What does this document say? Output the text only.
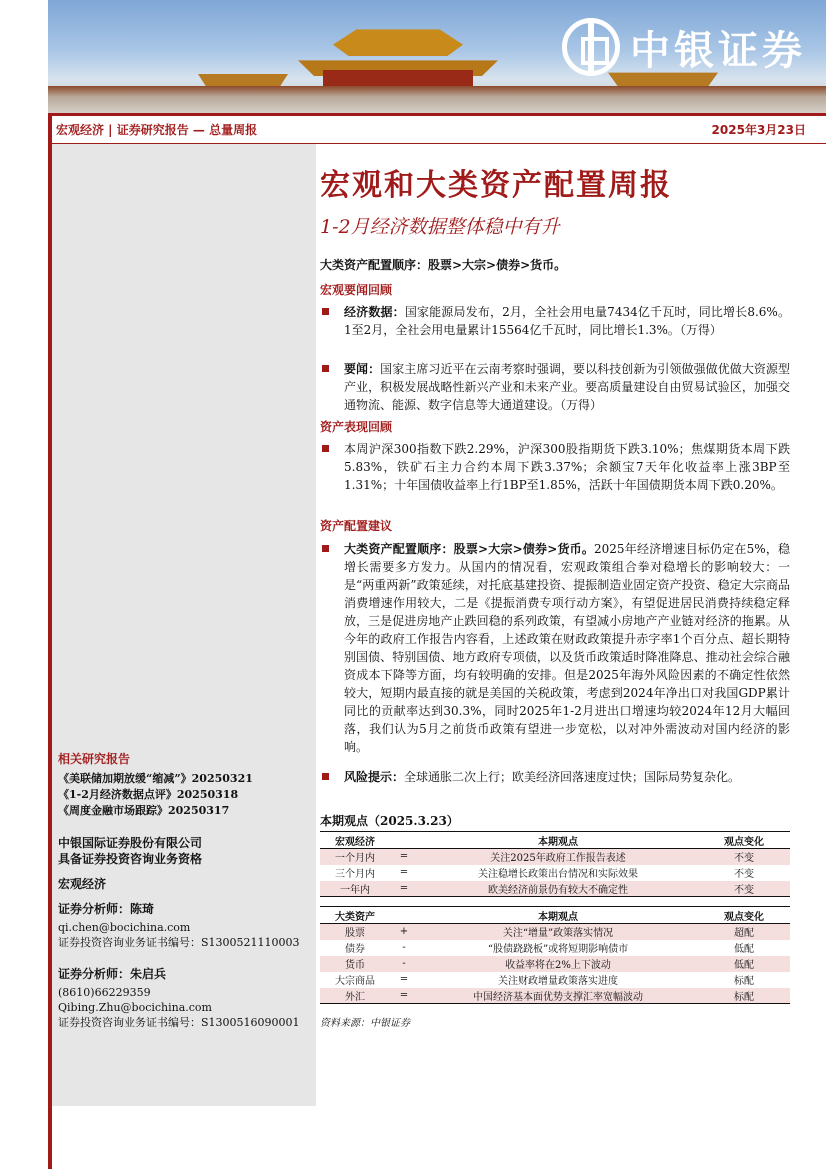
中银证券
宏观经济 | 证券研究报告 — 总量周报	2025年3月23日
相关研究报告
《美联储加期放缓“缩减”》20250321
《1-2月经济数据点评》20250318
《周度金融市场跟踪》20250317
中银国际证券股份有限公司
具备证券投资咨询业务资格
宏观经济
证券分析师：陈琦
qi.chen@bocichina.com
证券投资咨询业务证书编号：S1300521110003
证券分析师：朱启兵
(8610)66229359
Qibing.Zhu@bocichina.com
证券投资咨询业务证书编号：S1300516090001
宏观和大类资产配置周报
1-2月经济数据整体稳中有升
大类资产配置顺序：股票>大宗>债券>货币。
宏观要闻回顾
经济数据：国家能源局发布，2月，全社会用电量7434亿千瓦时，同比增长8.6%。1至2月，全社会用电量累计15564亿千瓦时，同比增长1.3%。（万得）
要闻：国家主席习近平在云南考察时强调，要以科技创新为引领做强做优做大资源型产业，积极发展战略性新兴产业和未来产业。要高质量建设自由贸易试验区，加强交通物流、能源、数字信息等大通道建设。（万得）
资产表现回顾
本周沪深300指数下跌2.29%，沪深300股指期货下跌3.10%；焦煤期货本周下跌5.83%，铁矿石主力合约本周下跌3.37%；余额宝7天年化收益率上涨3BP至1.31%；十年国债收益率上行1BP至1.85%，活跃十年国债期货本周下跌0.20%。
资产配置建议
大类资产配置顺序：股票>大宗>债券>货币。2025年经济增速目标仍定在5%，稳增长需要多方发力。从国内的情况看，宏观政策组合拳对稳增长的影响较大：一是“两重两新”政策延续，对托底基建投资、提振制造业固定资产投资、稳定大宗商品消费增速作用较大，二是《提振消费专项行动方案》，有望促进居民消费持续稳定释放，三是促进房地产止跌回稳的系列政策，有望减小房地产产业链对经济的拖累。从今年的政府工作报告内容看，上述政策在财政政策提升赤字率1个百分点、超长期特别国债、特别国债、地方政府专项债，以及货币政策适时降准降息、推动社会综合融资成本下降等方面，均有较明确的安排。但是2025年海外风险因素的不确定性依然较大，短期内最直接的就是美国的关税政策，考虑到2024年净出口对我国GDP累计同比的贡献率达到30.3%，同时2025年1-2月进出口增速均较2024年12月大幅回落，我们认为5月之前货币政策有望进一步宽松，以对冲外需波动对国内经济的影响。
风险提示：全球通胀二次上行；欧美经济回落速度过快；国际局势复杂化。
本期观点（2025.3.23）
宏观经济		本期观点	观点变化
一个月内	=	关注2025年政府工作报告表述	不变
三个月内	=	关注稳增长政策出台情况和实际效果	不变
一年内	=	欧美经济前景仍有较大不确定性	不变
大类资产		本期观点	观点变化
股票	+	关注“增量”政策落实情况	超配
债券	-	“股债跷跷板”或将短期影响债市	低配
货币	-	收益率将在2%上下波动	低配
大宗商品	=	关注财政增量政策落实进度	标配
外汇	=	中国经济基本面优势支撑汇率宽幅波动	标配
资料来源：中银证券
